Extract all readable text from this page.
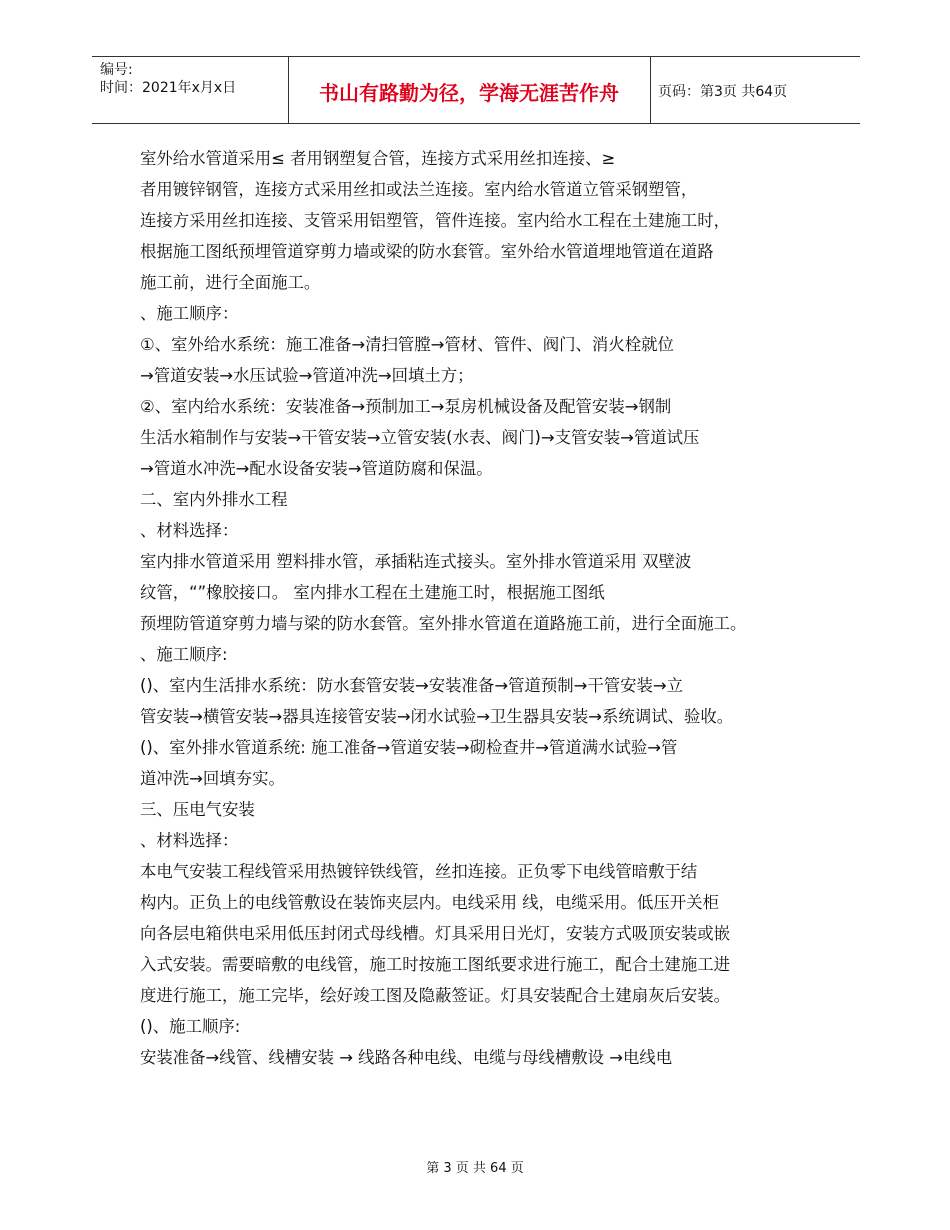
编号:
时间：2021年x月x日	书山有路勤为径，学海无涯苦作舟	页码：第3页 共64页
室外给水管道采用≤ 者用钢塑复合管，连接方式采用丝扣连接、≥
者用镀锌钢管，连接方式采用丝扣或法兰连接。室内给水管道立管采钢塑管，
连接方采用丝扣连接、支管采用铝塑管，管件连接。室内给水工程在土建施工时，
根据施工图纸预埋管道穿剪力墙或梁的防水套管。室外给水管道埋地管道在道路
施工前，进行全面施工。
、施工顺序：
①、室外给水系统：施工准备→清扫管膛→管材、管件、阀门、消火栓就位
→管道安装→水压试验→管道冲洗→回填土方；
②、室内给水系统：安装准备→预制加工→泵房机械设备及配管安装→钢制
生活水箱制作与安装→干管安装→立管安装(水表、阀门)→支管安装→管道试压
→管道水冲洗→配水设备安装→管道防腐和保温。
二、室内外排水工程
、材料选择：
室内排水管道采用 塑料排水管，承插粘连式接头。室外排水管道采用 双壁波
纹管，“”橡胶接口。 室内排水工程在土建施工时，根据施工图纸
预埋防管道穿剪力墙与梁的防水套管。室外排水管道在道路施工前，进行全面施工。
、施工顺序:
()、室内生活排水系统：防水套管安装→安装准备→管道预制→干管安装→立
管安装→横管安装→器具连接管安装→闭水试验→卫生器具安装→系统调试、验收。
()、室外排水管道系统: 施工准备→管道安装→砌检查井→管道满水试验→管
道冲洗→回填夯实。
三、压电气安装
、材料选择：
本电气安装工程线管采用热镀锌铁线管，丝扣连接。正负零下电线管暗敷于结
构内。正负上的电线管敷设在装饰夹层内。电线采用 线，电缆采用。低压开关柜
向各层电箱供电采用低压封闭式母线槽。灯具采用日光灯，安装方式吸顶安装或嵌
入式安装。需要暗敷的电线管，施工时按施工图纸要求进行施工，配合土建施工进
度进行施工，施工完毕，绘好竣工图及隐蔽签证。灯具安装配合土建扇灰后安装。
()、施工顺序:
安装准备→线管、线槽安装 → 线路各种电线、电缆与母线槽敷设 →电线电
第 3 页 共 64 页
